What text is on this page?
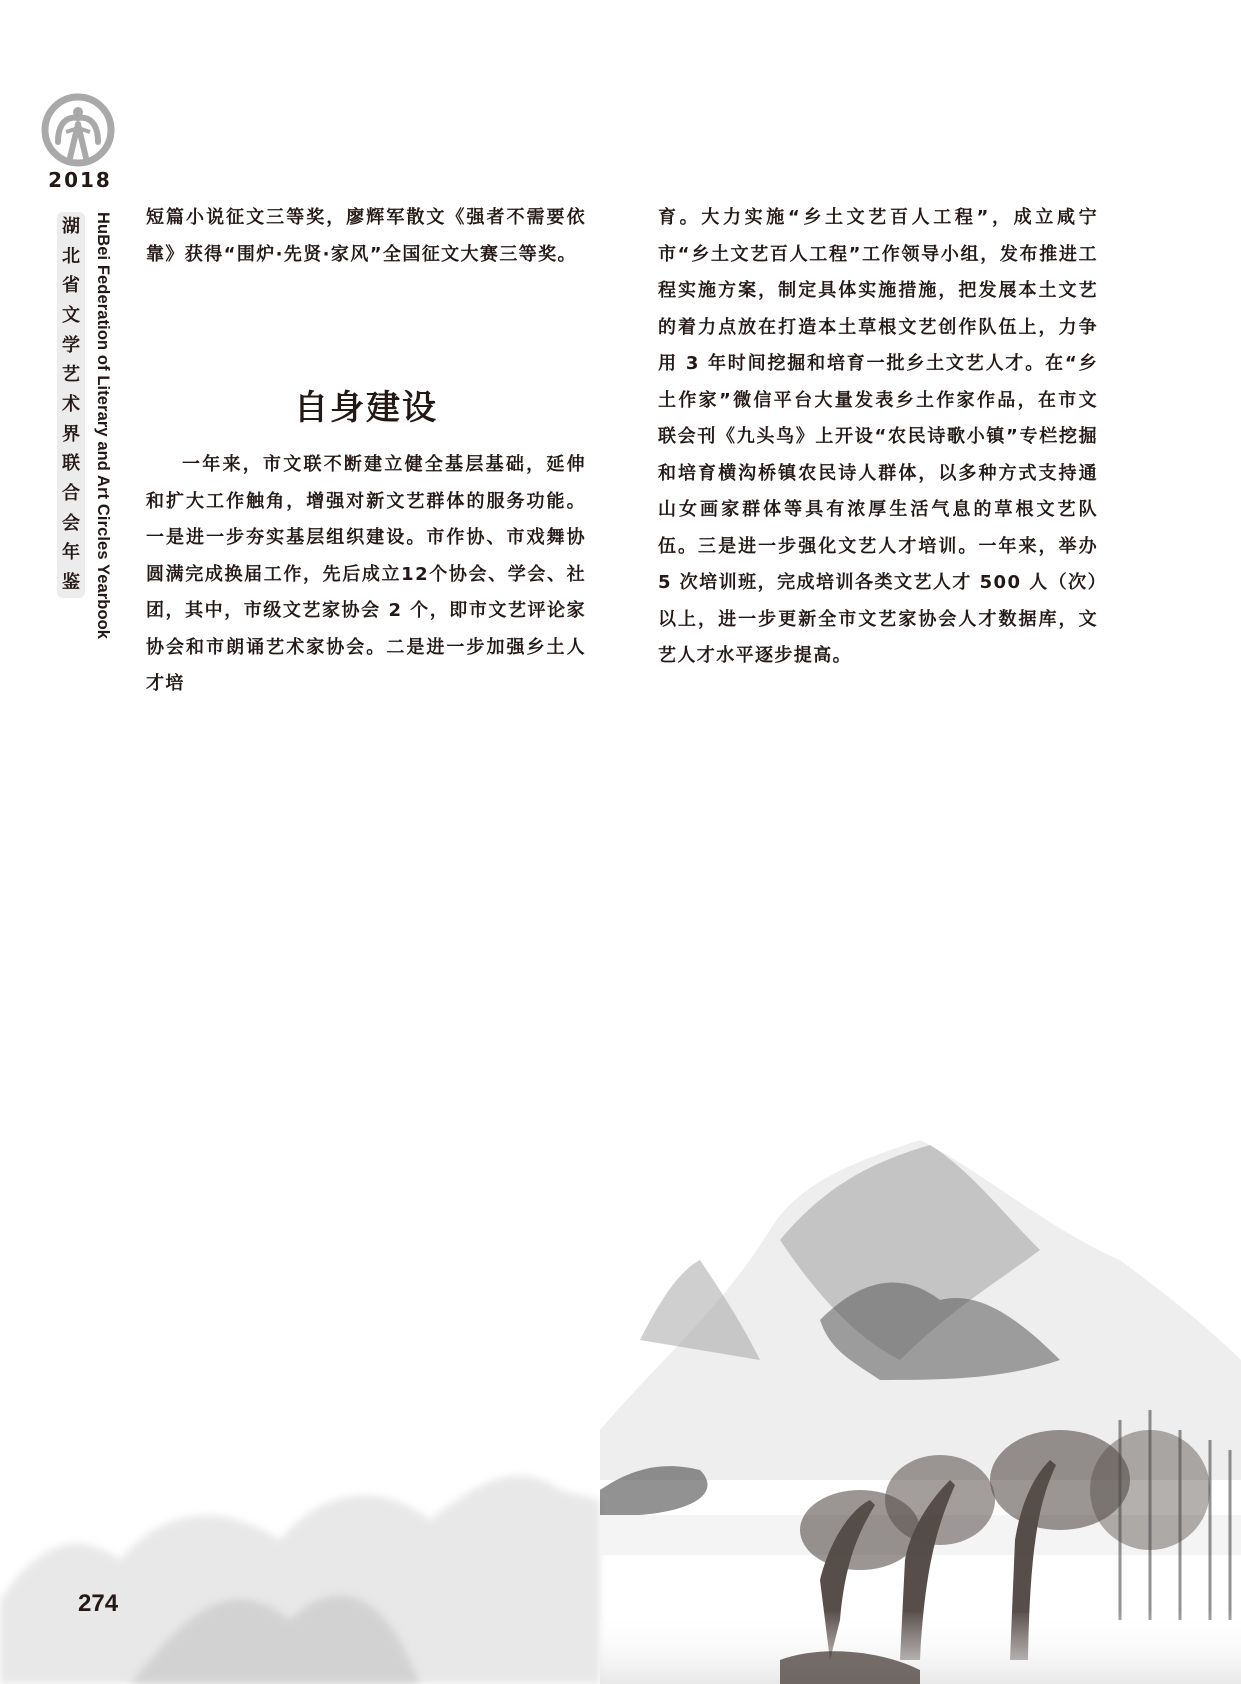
2018
湖
北
省
文
学
艺
术
界
联
合
会
年
鉴 HuBei Federation of Literary and Art Circles Yearbook 短篇小说征文三等奖，廖辉军散文《强者不需要依靠》获得“围炉·先贤·家风”全国征文大赛三等奖。

一年来，市文联不断建立健全基层基础，延伸和扩大工作触角，增强对新文艺群体的服务功能。一是进一步夯实基层组织建设。市作协、市戏舞协圆满完成换届工作，先后成立12个协会、学会、社团，其中，市级文艺家协会 2 个，即市文艺评论家协会和市朗诵艺术家协会。二是进一步加强乡土人才培

自身建设

育。大力实施“乡土文艺百人工程”，成立咸宁市“乡土文艺百人工程”工作领导小组，发布推进工程实施方案，制定具体实施措施，把发展本土文艺的着力点放在打造本土草根文艺创作队伍上，力争用 3 年时间挖掘和培育一批乡土文艺人才。在“乡土作家”微信平台大量发表乡土作家作品，在市文联会刊《九头鸟》上开设“农民诗歌小镇”专栏挖掘和培育横沟桥镇农民诗人群体，以多种方式支持通山女画家群体等具有浓厚生活气息的草根文艺队伍。三是进一步强化文艺人才培训。一年来，举办 5 次培训班，完成培训各类文艺人才 500 人（次）以上，进一步更新全市文艺家协会人才数据库，文艺人才水平逐步提高。

274
